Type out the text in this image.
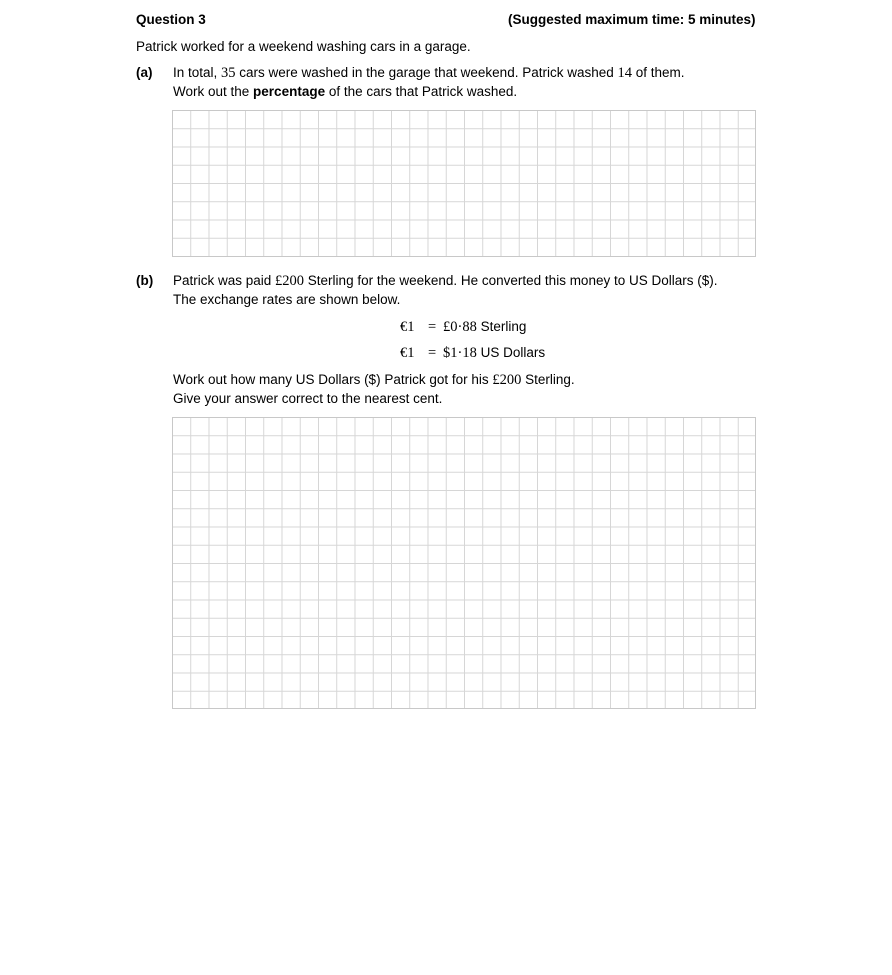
Question 3	(Suggested maximum time: 5 minutes)
Patrick worked for a weekend washing cars in a garage.
(a) In total, 35 cars were washed in the garage that weekend. Patrick washed 14 of them.
Work out the percentage of the cars that Patrick washed.
(b) Patrick was paid £200 Sterling for the weekend. He converted this money to US Dollars ($).
The exchange rates are shown below.
€1 = £0·88 Sterling
€1 = $1·18 US Dollars
Work out how many US Dollars ($) Patrick got for his £200 Sterling.
Give your answer correct to the nearest cent.
